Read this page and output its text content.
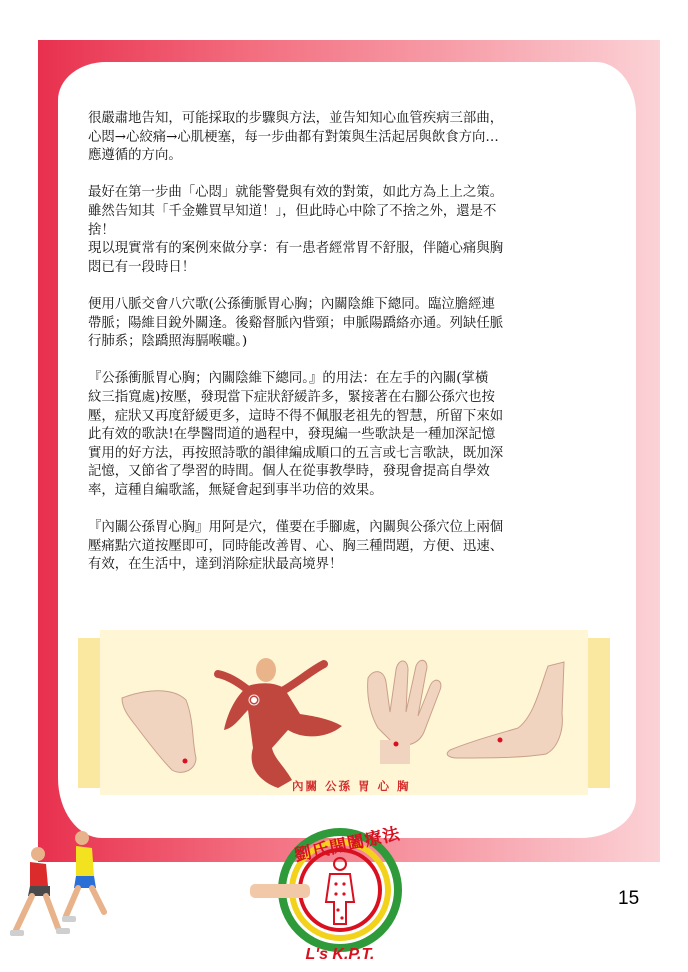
很嚴肅地告知，可能採取的步驟與方法，並告知知心血管疾病三部曲，
心悶→心絞痛→心肌梗塞，每一步曲都有對策與生活起居與飲食方向…
應遵循的方向。

最好在第一步曲「心悶」就能警覺與有效的對策，如此方為上上之策。
雖然告知其「千金難買早知道！」，但此時心中除了不捨之外，還是不
捨！
現以現實常有的案例來做分享：有一患者經常胃不舒服，伴隨心痛與胸
悶已有一段時日！

便用八脈交會八穴歌(公孫衝脈胃心胸；內關陰維下總同。臨泣膽經連
帶脈；陽維目銳外關逢。後谿督脈內眥頸；申脈陽蹻絡亦通。列缺任脈
行肺系；陰蹻照海膈喉嚨。)

『公孫衝脈胃心胸；內關陰維下總同。』的用法：在左手的內關(掌橫
紋三指寬處)按壓，發現當下症狀舒緩許多，緊接著在右腳公孫穴也按
壓，症狀又再度舒緩更多，這時不得不佩服老祖先的智慧，所留下來如
此有效的歌訣!在學醫問道的過程中，發現編一些歌訣是一種加深記憶
實用的好方法，再按照詩歌的韻律編成順口的五言或七言歌訣，既加深
記憶，又節省了學習的時間。個人在從事教學時，發現會提高自學效
率，這種自編歌謠，無疑會起到事半功倍的效果。

『內關公孫胃心胸』用阿是穴，僅要在手腳處，內關與公孫穴位上兩個
壓痛點穴道按壓即可，同時能改善胃、心、胸三種問題，方便、迅速、
有效，在生活中，達到消除症狀最高境界！

內關 公孫 胃 心 胸
劉氏開闔療法
L's K.P.T.
15
